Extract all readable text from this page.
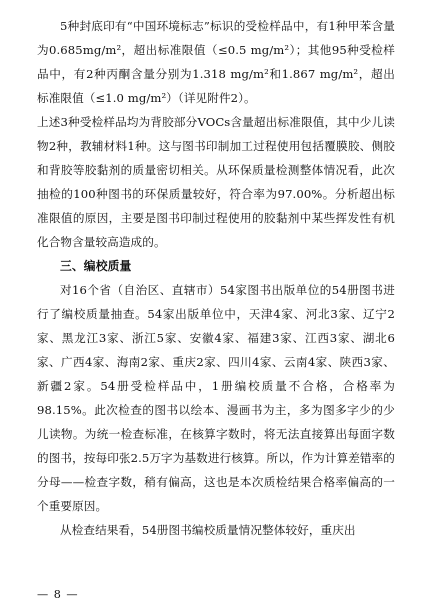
5种封底印有“中国环境标志”标识的受检样品中，有1种甲苯含量为0.685mg/m²，超出标准限值（≤0.5 mg/m²）；其他95种受检样品中，有2种丙酮含量分别为1.318 mg/m²和1.867 mg/m²，超出标准限值（≤1.0 mg/m²）（详见附件2）。

上述3种受检样品均为背胶部分VOCs含量超出标准限值，其中少儿读物2种，教辅材料1种。这与图书印制加工过程使用包括覆膜胶、侧胶和背胶等胶黏剂的质量密切相关。从环保质量检测整体情况看，此次抽检的100种图书的环保质量较好，符合率为97.00%。分析超出标准限值的原因，主要是图书印制过程使用的胶黏剂中某些挥发性有机化合物含量较高造成的。

三、编校质量

对16个省（自治区、直辖市）54家图书出版单位的54册图书进行了编校质量抽查。54家出版单位中，天津4家、河北3家、辽宁2家、黑龙江3家、浙江5家、安徽4家、福建3家、江西3家、湖北6家、广西4家、海南2家、重庆2家、四川4家、云南4家、陕西3家、新疆2家。54册受检样品中，1册编校质量不合格，合格率为98.15%。此次检查的图书以绘本、漫画书为主，多为图多字少的少儿读物。为统一检查标准，在核算字数时，将无法直接算出每面字数的图书，按每印张2.5万字为基数进行核算。所以，作为计算差错率的分母——检查字数，稍有偏高，这也是本次质检结果合格率偏高的一个重要原因。

从检查结果看，54册图书编校质量情况整体较好，重庆出

— 8 —
